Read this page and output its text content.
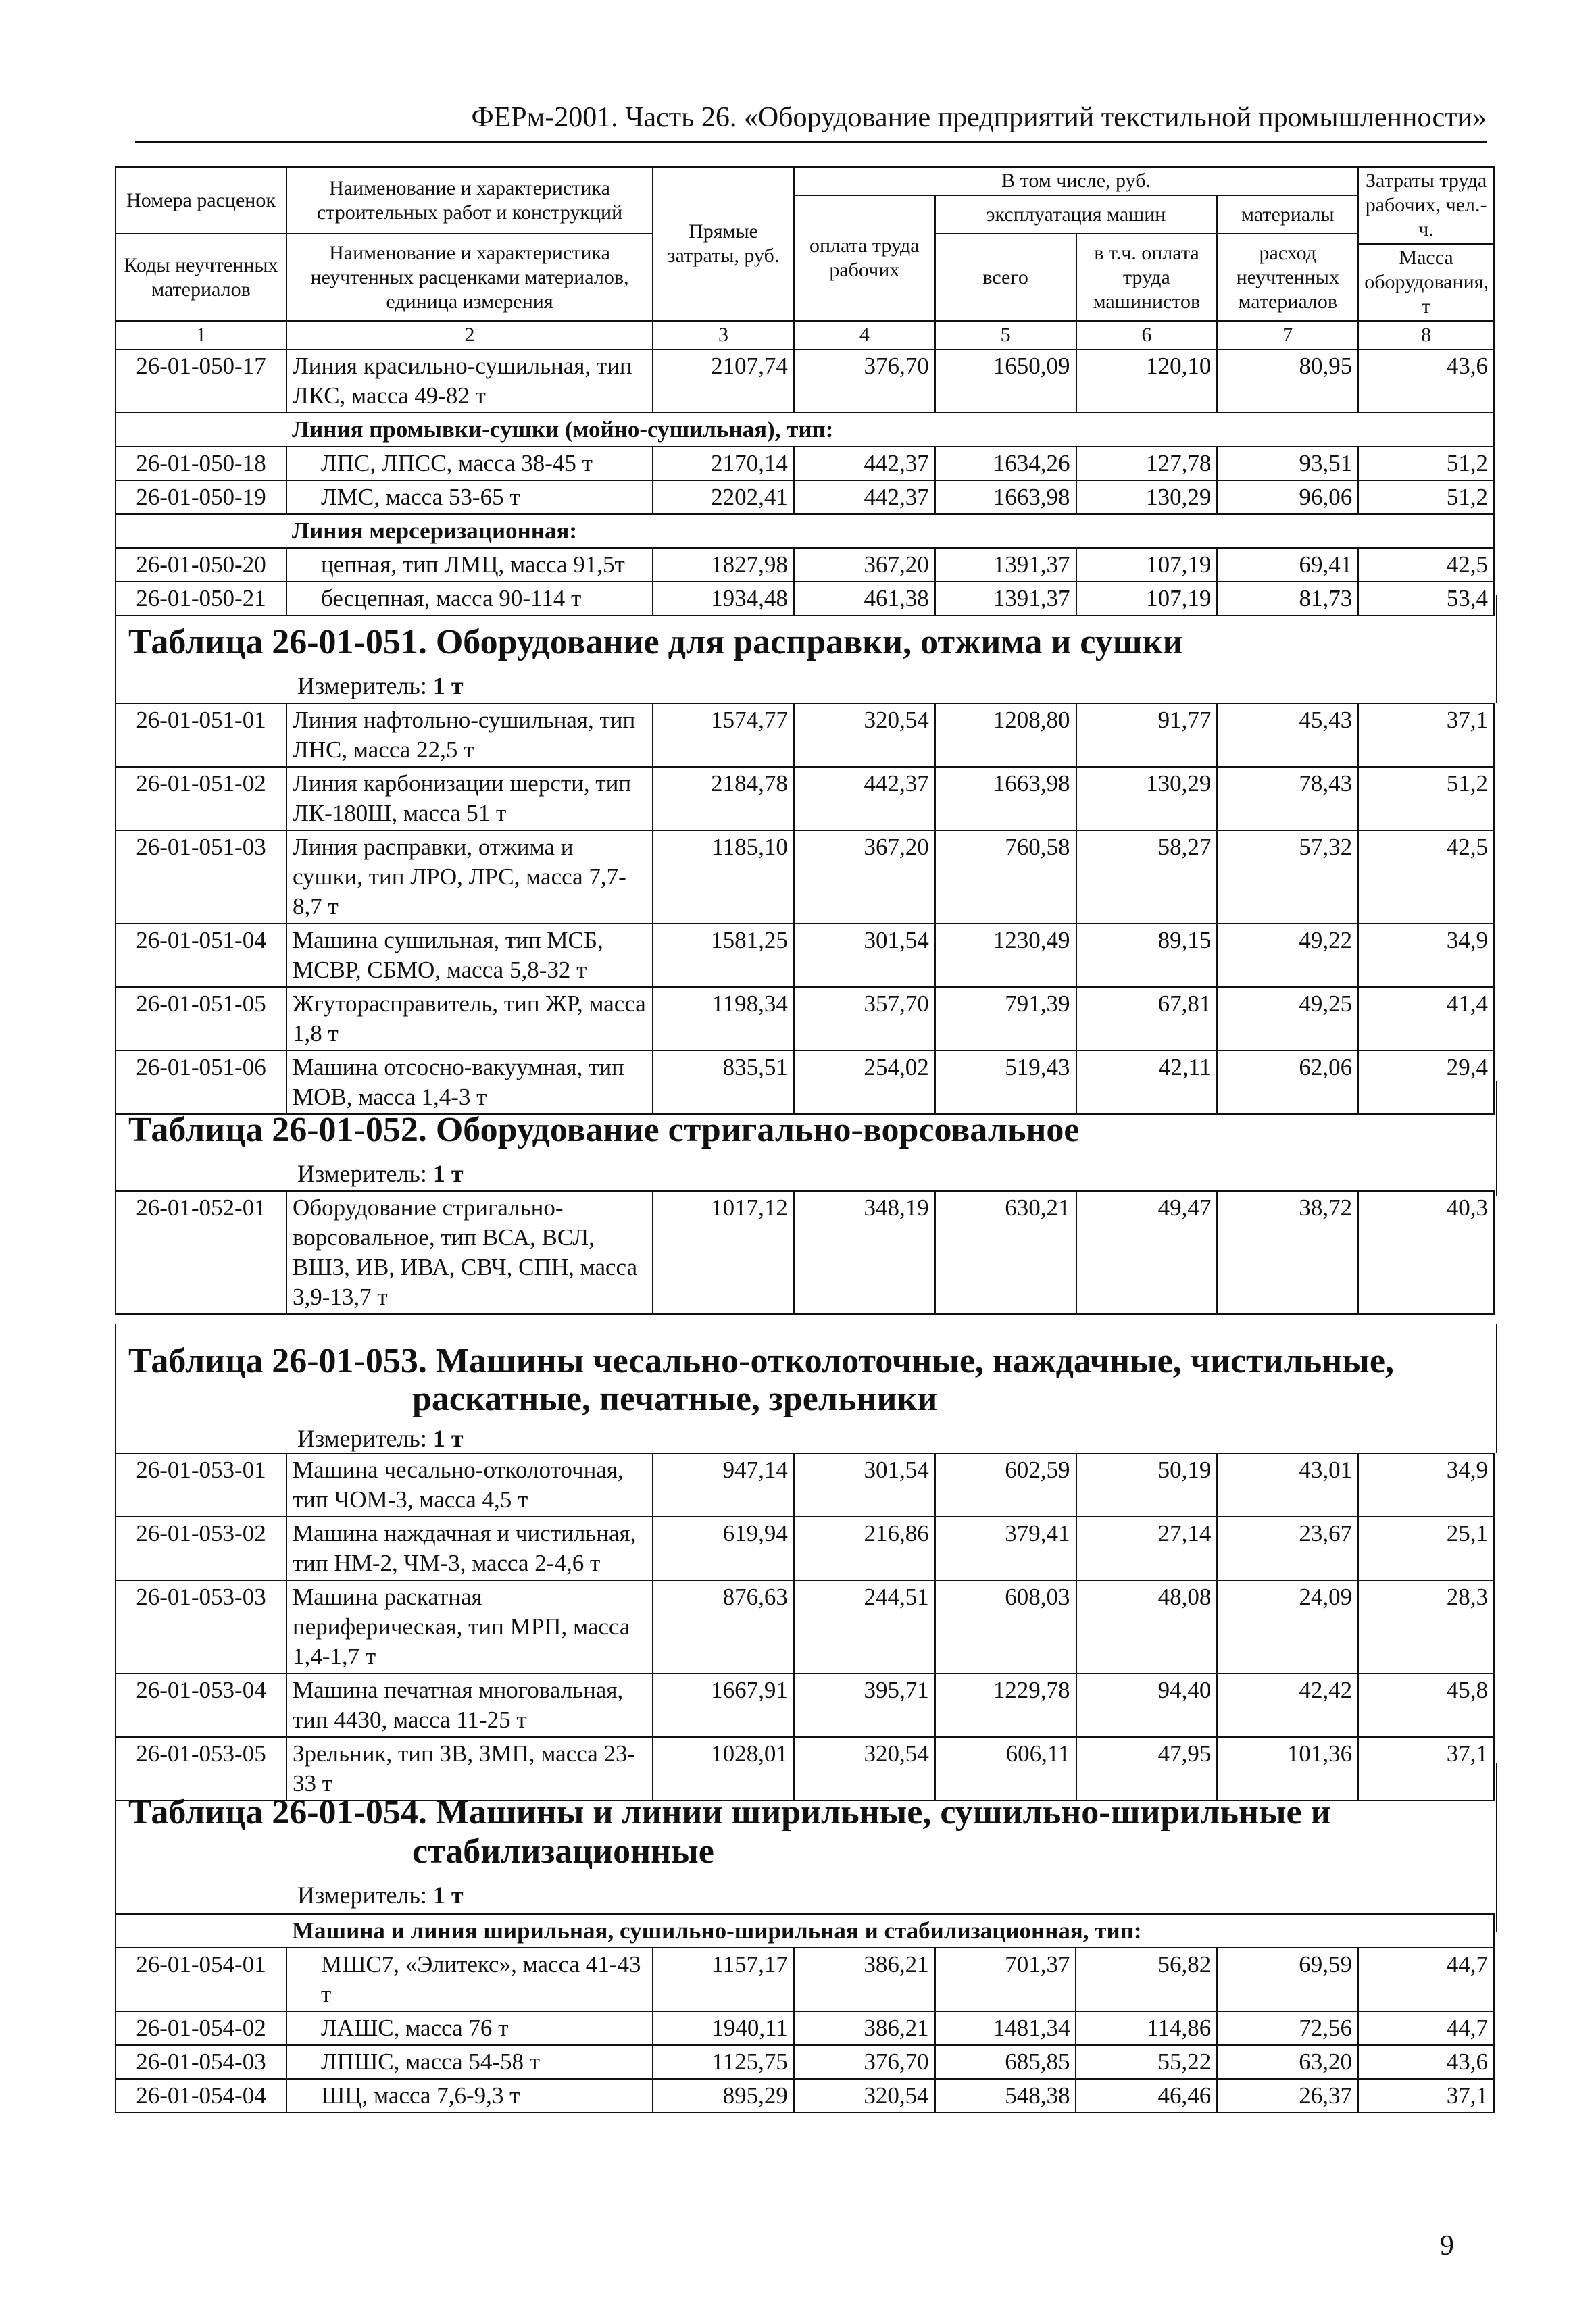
ФЕРм-2001. Часть 26. «Оборудование предприятий текстильной промышленности»
Номера расценок	Наименование и характеристика строительных работ и конструкций	Прямые затраты, руб.	В том числе, руб.				Затраты труда рабочих, чел.-ч.
			оплата труда рабочих	эксплуатация машин		материалы	
Коды неучтенных материалов	Наименование и характеристика неучтенных расценками материалов, единица измерения			всего	в т.ч. оплата труда машинистов	расход неучтенных материалов	

							Масса оборудования, т
1	2	3	4	5	6	7	8
26-01-050-17	Линия красильно-сушильная, тип ЛКС, масса 49-82 т	2107,74	376,70	1650,09	120,10	80,95	43,6
Линия промывки-сушки (мойно-сушильная), тип:							
26-01-050-18	ЛПС, ЛПСС, масса 38-45 т	2170,14	442,37	1634,26	127,78	93,51	51,2
26-01-050-19	ЛМС, масса 53-65 т	2202,41	442,37	1663,98	130,29	96,06	51,2
Линия мерсеризационная:							
26-01-050-20	цепная, тип ЛМЦ, масса 91,5т	1827,98	367,20	1391,37	107,19	69,41	42,5
26-01-050-21	бесцепная, масса 90-114 т	1934,48	461,38	1391,37	107,19	81,73	53,4
Таблица 26-01-051. Оборудование для расправки, отжима и сушки
Измеритель: 1 т
26-01-051-01	Линия нафтольно-сушильная, тип ЛНС, масса 22,5 т	1574,77	320,54	1208,80	91,77	45,43	37,1
26-01-051-02	Линия карбонизации шерсти, тип ЛК-180Ш, масса 51 т	2184,78	442,37	1663,98	130,29	78,43	51,2
26-01-051-03	Линия расправки, отжима и сушки, тип ЛРО, ЛРС, масса 7,7-8,7 т	1185,10	367,20	760,58	58,27	57,32	42,5
26-01-051-04	Машина сушильная, тип МСБ, МСВР, СБМО, масса 5,8-32 т	1581,25	301,54	1230,49	89,15	49,22	34,9
26-01-051-05	Жгутораспрaвитель, тип ЖР, масса 1,8 т	1198,34	357,70	791,39	67,81	49,25	41,4
26-01-051-06	Машина отсосно-вакуумная, тип МОВ, масса 1,4-3 т	835,51	254,02	519,43	42,11	62,06	29,4
Таблица 26-01-052. Оборудование стригально-ворсовальное
Измеритель: 1 т
26-01-052-01	Оборудование стригально-ворсовальное, тип ВСА, ВСЛ, ВШЗ, ИВ, ИВА, СВЧ, СПН, масса 3,9-13,7 т	1017,12	348,19	630,21	49,47	38,72	40,3
Таблица 26-01-053. Машины чесально-отколоточные, наждачные, чистильные,
раскатные, печатные, зрельники
Измеритель: 1 т
26-01-053-01	Машина чесально-отколоточная, тип ЧОМ-3, масса 4,5 т	947,14	301,54	602,59	50,19	43,01	34,9
26-01-053-02	Машина наждачная и чистильная, тип НМ-2, ЧМ-3, масса 2-4,6 т	619,94	216,86	379,41	27,14	23,67	25,1
26-01-053-03	Машина раскатная периферическая, тип МРП, масса 1,4-1,7 т	876,63	244,51	608,03	48,08	24,09	28,3
26-01-053-04	Машина печатная многовальная, тип 4430, масса 11-25 т	1667,91	395,71	1229,78	94,40	42,42	45,8
26-01-053-05	Зрельник, тип ЗВ, ЗМП, масса 23-33 т	1028,01	320,54	606,11	47,95	101,36	37,1
Таблица 26-01-054. Машины и линии ширильные, сушильно-ширильные и
стабилизационные
Измеритель: 1 т
Машина и линия ширильная, сушильно-ширильная и стабилизационная, тип:							
26-01-054-01	МШС7, «Элитекс», масса 41-43 т	1157,17	386,21	701,37	56,82	69,59	44,7
26-01-054-02	ЛАШС, масса 76 т	1940,11	386,21	1481,34	114,86	72,56	44,7
26-01-054-03	ЛПШС, масса 54-58 т	1125,75	376,70	685,85	55,22	63,20	43,6
26-01-054-04	ШЦ, масса 7,6-9,3 т	895,29	320,54	548,38	46,46	26,37	37,1
9
